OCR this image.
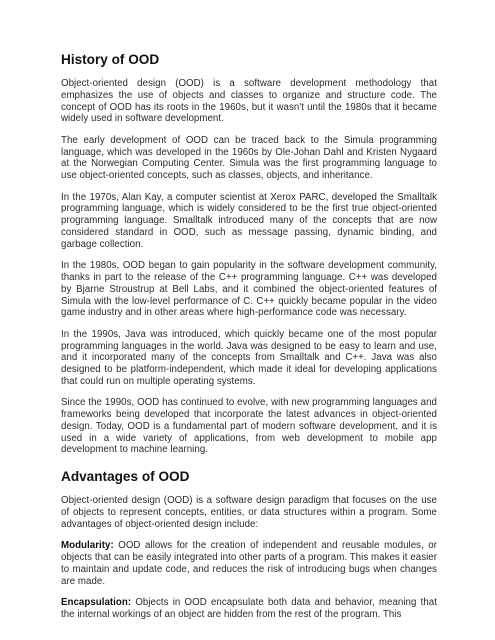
History of OOD

Object-oriented design (OOD) is a software development methodology that emphasizes the use of objects and classes to organize and structure code. The concept of OOD has its roots in the 1960s, but it wasn't until the 1980s that it became widely used in software development.

The early development of OOD can be traced back to the Simula programming language, which was developed in the 1960s by Ole-Johan Dahl and Kristen Nygaard at the Norwegian Computing Center. Simula was the first programming language to use object-oriented concepts, such as classes, objects, and inheritance.

In the 1970s, Alan Kay, a computer scientist at Xerox PARC, developed the Smalltalk programming language, which is widely considered to be the first true object-oriented programming language. Smalltalk introduced many of the concepts that are now considered standard in OOD, such as message passing, dynamic binding, and garbage collection.

In the 1980s, OOD began to gain popularity in the software development community, thanks in part to the release of the C++ programming language. C++ was developed by Bjarne Stroustrup at Bell Labs, and it combined the object-oriented features of Simula with the low-level performance of C. C++ quickly became popular in the video game industry and in other areas where high-performance code was necessary.

In the 1990s, Java was introduced, which quickly became one of the most popular programming languages in the world. Java was designed to be easy to learn and use, and it incorporated many of the concepts from Smalltalk and C++. Java was also designed to be platform-independent, which made it ideal for developing applications that could run on multiple operating systems.

Since the 1990s, OOD has continued to evolve, with new programming languages and frameworks being developed that incorporate the latest advances in object-oriented design. Today, OOD is a fundamental part of modern software development, and it is used in a wide variety of applications, from web development to mobile app development to machine learning.

Advantages of OOD

Object-oriented design (OOD) is a software design paradigm that focuses on the use of objects to represent concepts, entities, or data structures within a program. Some advantages of object-oriented design include:

Modularity: OOD allows for the creation of independent and reusable modules, or objects that can be easily integrated into other parts of a program. This makes it easier to maintain and update code, and reduces the risk of introducing bugs when changes are made.

Encapsulation: Objects in OOD encapsulate both data and behavior, meaning that the internal workings of an object are hidden from the rest of the program. This
